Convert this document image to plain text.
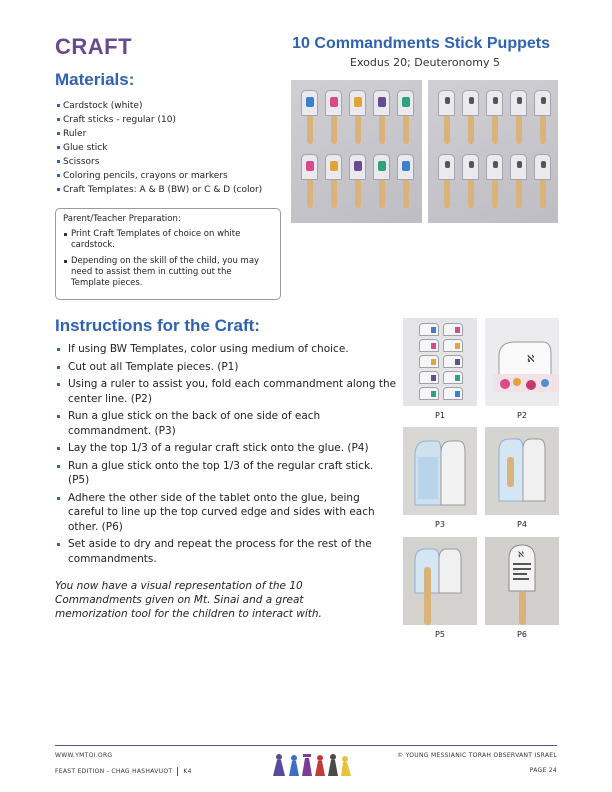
CRAFT	10 Commandments Stick Puppets
Exodus 20; Deuteronomy 5
Materials:
Cardstock (white)
Craft sticks - regular (10)
Ruler
Glue stick
Scissors
Coloring pencils, crayons or markers
Craft Templates: A & B (BW) or C & D (color)
Parent/Teacher Preparation:
Print Craft Templates of choice on white cardstock.
Depending on the skill of the child, you may need to assist them in cutting out the Template pieces.
Instructions for the Craft:
If using BW Templates, color using medium of choice.
Cut out all Template pieces. (P1)
Using a ruler to assist you, fold each commandment along the center line. (P2)
Run a glue stick on the back of one side of each commandment. (P3)
Lay the top 1/3 of a regular craft stick onto the glue. (P4)
Run a glue stick onto the top 1/3 of the regular craft stick. (P5)
Adhere the other side of the tablet onto the glue, being careful to line up the top curved edge and sides with each other. (P6)
Set aside to dry and repeat the process for the rest of the commandments.
You now have a visual representation of the 10 Commandments given on Mt. Sinai and a great memorization tool for the children to interact with.
P1
ℵ
P2
P3	P4
P5
ℵ
P6
WWW.YMTOI.ORG
FEAST EDITION - CHAG HASHAVUOT K4
© YOUNG MESSIANIC TORAH OBSERVANT ISRAEL
PAGE 24
